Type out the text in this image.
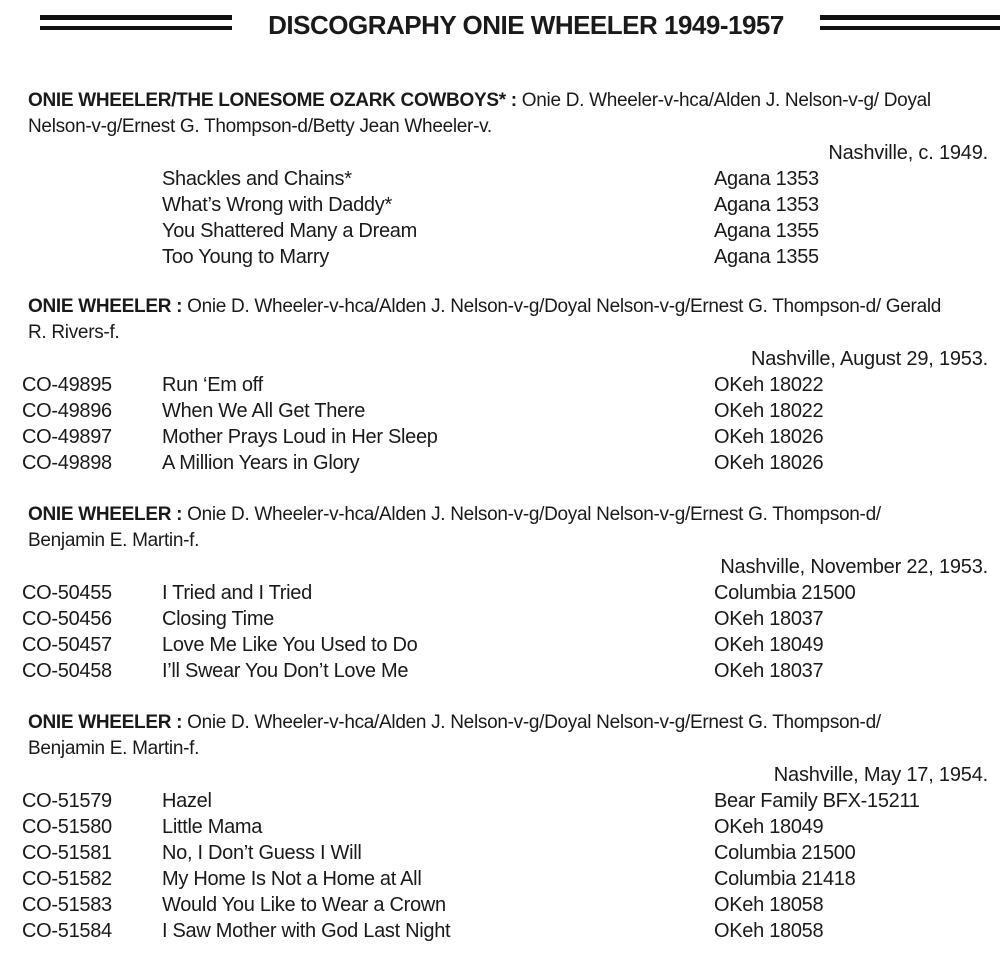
DISCOGRAPHY ONIE WHEELER 1949-1957
ONIE WHEELER/THE LONESOME OZARK COWBOYS* : Onie D. Wheeler-v-hca/Alden J. Nelson-v-g/ Doyal Nelson-v-g/Ernest G. Thompson-d/Betty Jean Wheeler-v.
Nashville, c. 1949.
Shackles and Chains*	Agana 1353
What’s Wrong with Daddy*	Agana 1353
You Shattered Many a Dream	Agana 1355
Too Young to Marry	Agana 1355
ONIE WHEELER : Onie D. Wheeler-v-hca/Alden J. Nelson-v-g/Doyal Nelson-v-g/Ernest G. Thompson-d/ Gerald R. Rivers-f.
Nashville, August 29, 1953.
CO-49895	Run ‘Em off	OKeh 18022
CO-49896	When We All Get There	OKeh 18022
CO-49897	Mother Prays Loud in Her Sleep	OKeh 18026
CO-49898	A Million Years in Glory	OKeh 18026
ONIE WHEELER : Onie D. Wheeler-v-hca/Alden J. Nelson-v-g/Doyal Nelson-v-g/Ernest G. Thompson-d/ Benjamin E. Martin-f.
Nashville, November 22, 1953.
CO-50455	I Tried and I Tried	Columbia 21500
CO-50456	Closing Time	OKeh 18037
CO-50457	Love Me Like You Used to Do	OKeh 18049
CO-50458	I’ll Swear You Don’t Love Me	OKeh 18037
ONIE WHEELER : Onie D. Wheeler-v-hca/Alden J. Nelson-v-g/Doyal Nelson-v-g/Ernest G. Thompson-d/ Benjamin E. Martin-f.
Nashville, May 17, 1954.
CO-51579	Hazel	Bear Family BFX-15211
CO-51580	Little Mama	OKeh 18049
CO-51581	No, I Don’t Guess I Will	Columbia 21500
CO-51582	My Home Is Not a Home at All	Columbia 21418
CO-51583	Would You Like to Wear a Crown	OKeh 18058
CO-51584	I Saw Mother with God Last Night	OKeh 18058
